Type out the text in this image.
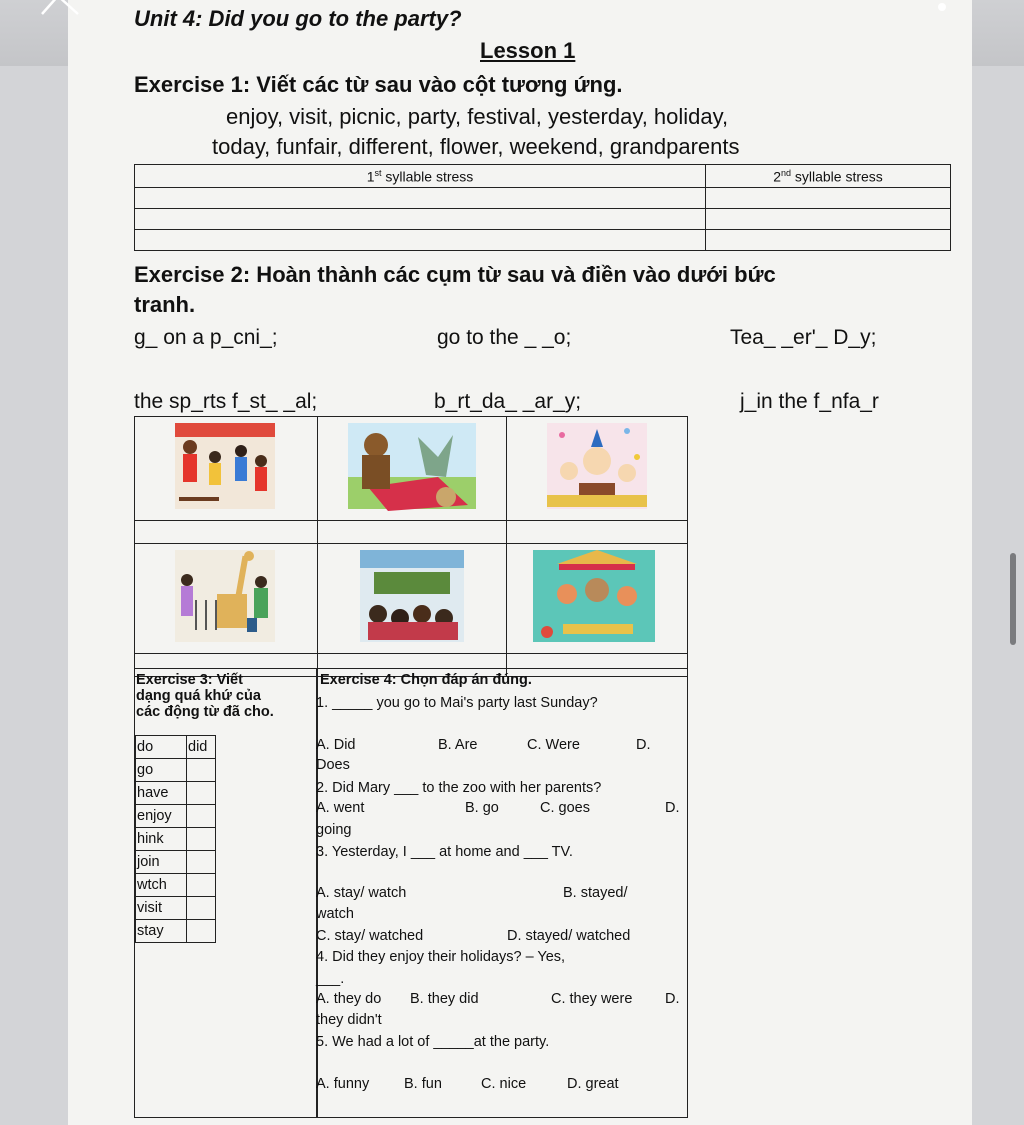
Unit 4: Did you go to the party?
Lesson 1
Exercise 1: Viết các từ sau vào cột tương ứng.
enjoy, visit, picnic, party, festival, yesterday, holiday,
today, funfair, different, flower, weekend, grandparents
1st syllable stress	2nd syllable stress

Exercise 2: Hoàn thành các cụm từ sau và điền vào dưới bức
tranh.
g_ on a p_cni_;	go to the _ _o;	Tea_ _er'_ D_y;
the sp_rts f_st_ _al;	b_rt_da_ _ar_y;	j_in the f_nfa_r

Exercise 3: Viết
dạng quá khứ của
các động từ đã cho.
do	did
go	
have	
enjoy	
hink	
join	
wtch	
visit	
stay	
Exercise 4: Chọn đáp án đúng.
1. _____ you go to Mai's party last Sunday?
A. Did	B. Are	C. Were	D.
Does
2. Did Mary ___ to the zoo with her parents?
A. went	B. go	C. goes	D.
going
3. Yesterday, I ___ at home and ___ TV.
A. stay/ watch	B. stayed/
watch
C. stay/ watched	D. stayed/ watched
4. Did they enjoy their holidays? – Yes,
___.
A. they do B. they did	C. they were D.
they didn't
5. We had a lot of _____at the party.
A. funny B. fun	C. nice	D. great
